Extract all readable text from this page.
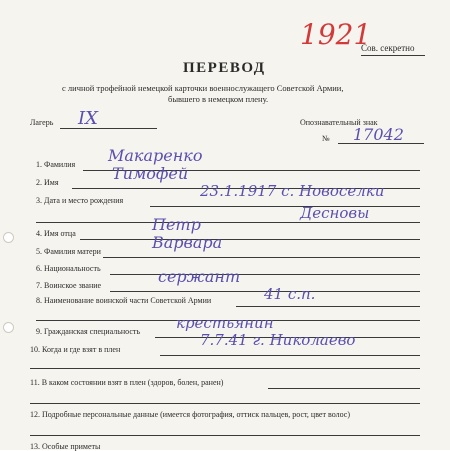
1921
Сов. секретно
ПЕРЕВОД
с личной трофейной немецкой карточки военнослужащего Советской Армии,
бывшего в немецком плену.
Лагерь IX	Опознавательный знак
№ 17042
1. Фамилия Макаренко
2. Имя	Тимофей
3. Дата и место рождения
23.1.1917 с. Новоселки
Десновы
4. Имя отца	Петр
5. Фамилия матери	Варвара
6. Национальность
7. Воинское звание	сержант
8. Наименование воинской части Советской Армии	41 с.п.
9. Гражданская специальность крестьянин
10. Когда и где взят в плен
7.7.41 г. Николаево
11. В каком состоянии взят в плен (здоров, болен, ранен)
12. Подробные персональные данные (имеется фотография, оттиск пальцев, рост, цвет волос)
13. Особые приметы
